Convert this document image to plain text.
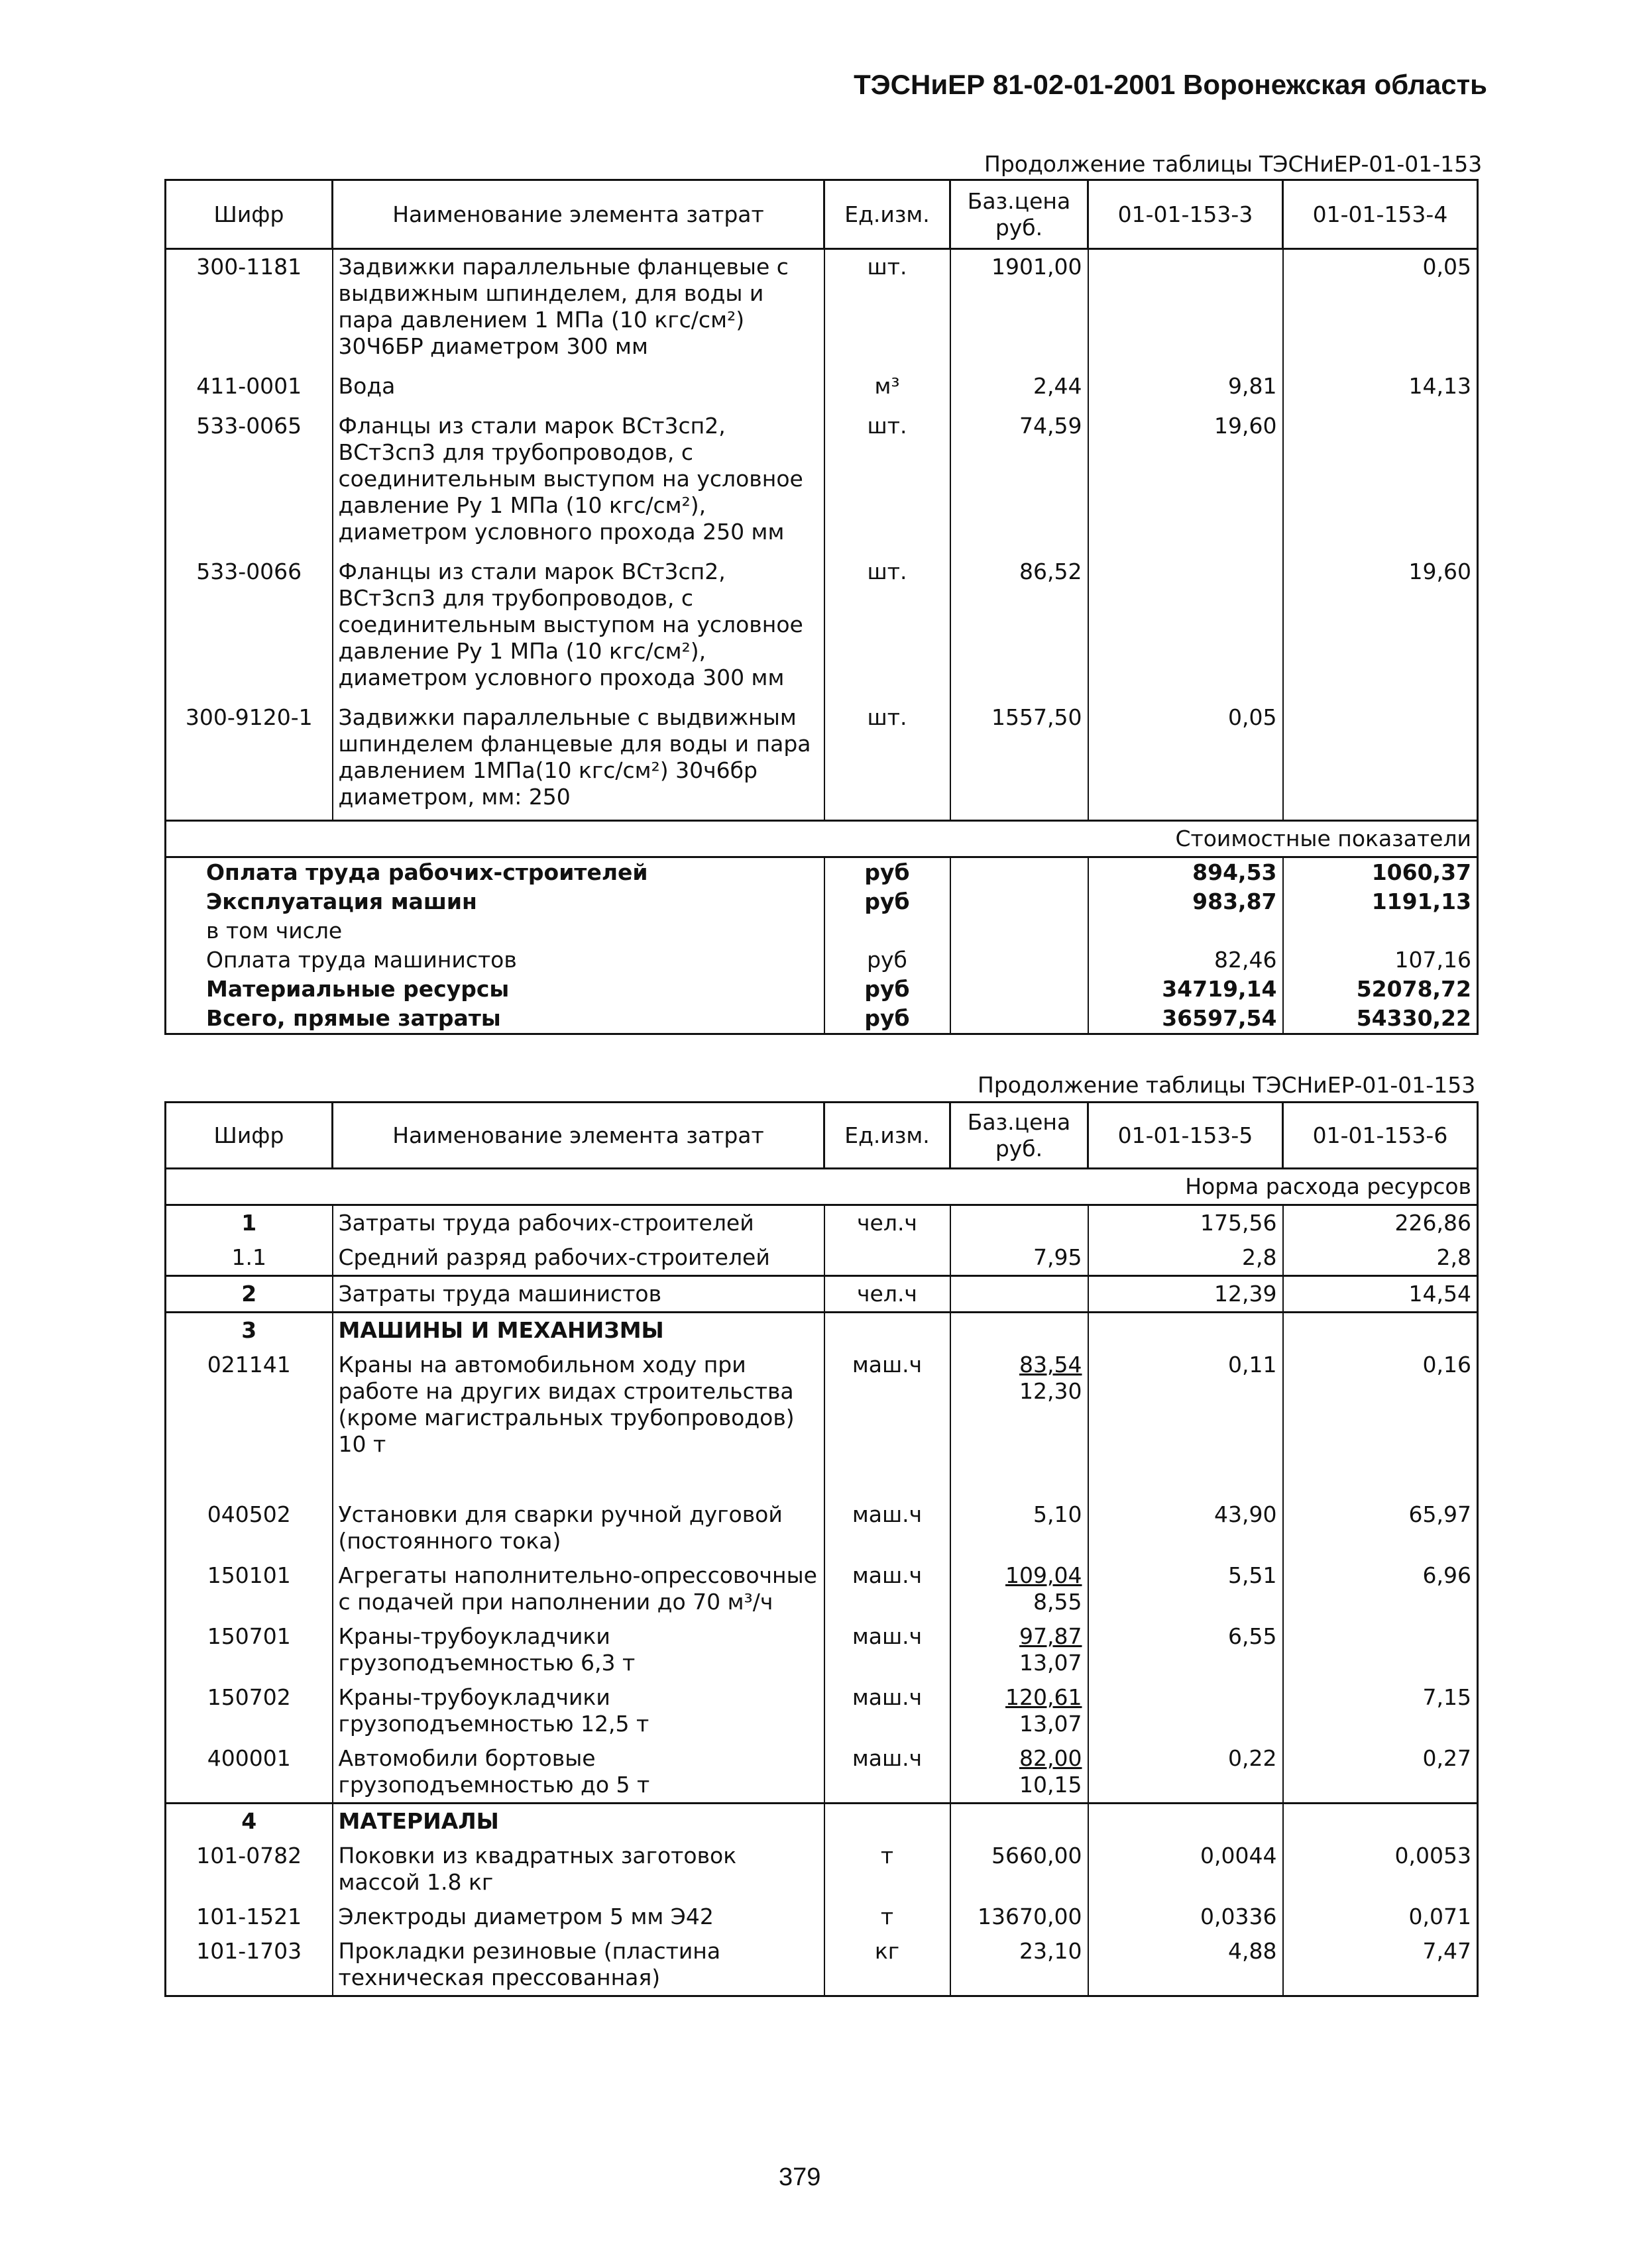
ТЭСНиЕР 81-02-01-2001 Воронежская область
Продолжение таблицы ТЭСНиЕР-01-01-153
Шифр	Наименование элемента затрат	Ед.изм.	Баз.цена руб.	01-01-153-3	01-01-153-4
300-1181	Задвижки параллельные фланцевые с выдвижным шпинделем, для воды и пара давлением 1 МПа (10 кгс/см²) 30Ч6БР диаметром 300 мм	шт.	1901,00		0,05
411-0001	Вода	м³	2,44	9,81	14,13
533-0065	Фланцы из стали марок ВСт3сп2, ВСт3сп3 для трубопроводов, с соединительным выступом на условное давление Ру 1 МПа (10 кгс/см²), диаметром условного прохода 250 мм	шт.	74,59	19,60	
533-0066	Фланцы из стали марок ВСт3сп2, ВСт3сп3 для трубопроводов, с соединительным выступом на условное давление Ру 1 МПа (10 кгс/см²), диаметром условного прохода 300 мм	шт.	86,52		19,60
300-9120-1	Задвижки параллельные с выдвижным шпинделем фланцевые для воды и пара давлением 1МПа(10 кгс/см²) 30ч6бр диаметром, мм: 250	шт.	1557,50	0,05	
Стоимостные показатели					
Оплата труда рабочих-строителей		руб		894,53	1060,37
Эксплуатация машин		руб		983,87	1191,13
в том числе					
Оплата труда машинистов		руб		82,46	107,16
Материальные ресурсы		руб		34719,14	52078,72
Всего, прямые затраты		руб		36597,54	54330,22
Продолжение таблицы ТЭСНиЕР-01-01-153
Шифр	Наименование элемента затрат	Ед.изм.	Баз.цена руб.	01-01-153-5	01-01-153-6
Норма расхода ресурсов					
1	Затраты труда рабочих-строителей	чел.ч		175,56	226,86
1.1	Средний разряд рабочих-строителей		7,95	2,8	2,8
2	Затраты труда машинистов	чел.ч		12,39	14,54
3	МАШИНЫ И МЕХАНИЗМЫ				
021141	Краны на автомобильном ходу при работе на других видах строительства (кроме магистральных трубопроводов) 10 т	маш.ч	$\frac{83,54}{12,30}$	0,11	0,16
040502	Установки для сварки ручной дуговой (постоянного тока)	маш.ч	5,10	43,90	65,97
150101	Агрегаты наполнительно-опрессовочные с подачей при наполнении до 70 м³/ч	маш.ч	$\frac{109,04}{8,55}$	5,51	6,96
150701	Краны-трубоукладчики грузоподъемностью 6,3 т	маш.ч	$\frac{97,87}{13,07}$	6,55	
150702	Краны-трубоукладчики грузоподъемностью 12,5 т	маш.ч	$\frac{120,61}{13,07}$		7,15
400001	Автомобили бортовые грузоподъемностью до 5 т	маш.ч	$\frac{82,00}{10,15}$	0,22	0,27
4	МАТЕРИАЛЫ				
101-0782	Поковки из квадратных заготовок массой 1.8 кг	т	5660,00	0,0044	0,0053
101-1521	Электроды диаметром 5 мм Э42	т	13670,00	0,0336	0,071
101-1703	Прокладки резиновые (пластина техническая прессованная)	кг	23,10	4,88	7,47
379
